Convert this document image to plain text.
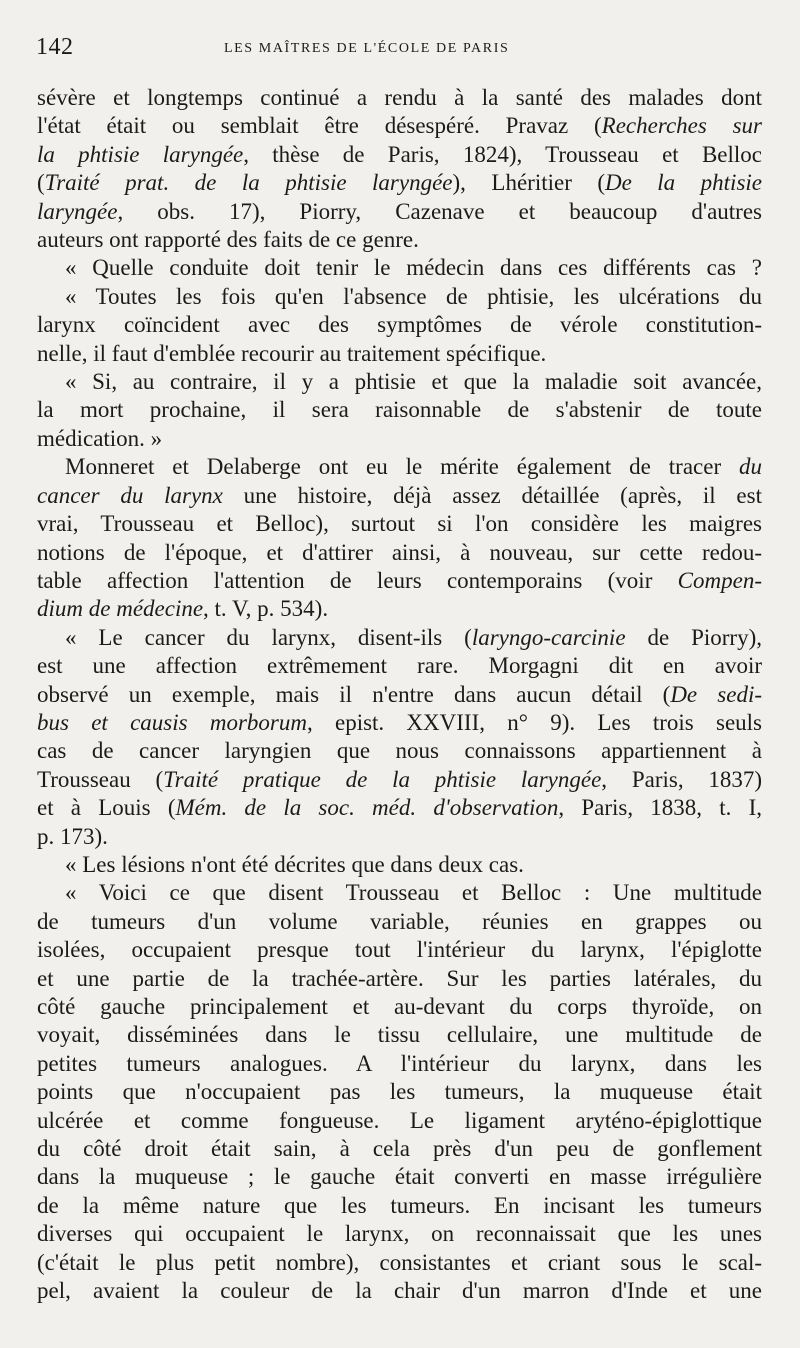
142	LES MAÎTRES DE L'ÉCOLE DE PARIS
sévère et longtemps continué a rendu à la santé des malades dont
l'état était ou semblait être désespéré. Pravaz (Recherches sur
la phtisie laryngée, thèse de Paris, 1824), Trousseau et Belloc
(Traité prat. de la phtisie laryngée), Lhéritier (De la phtisie
laryngée, obs. 17), Piorry, Cazenave et beaucoup d'autres
auteurs ont rapporté des faits de ce genre.
« Quelle conduite doit tenir le médecin dans ces différents cas ?
« Toutes les fois qu'en l'absence de phtisie, les ulcérations du
larynx coïncident avec des symptômes de vérole constitution-
nelle, il faut d'emblée recourir au traitement spécifique.
« Si, au contraire, il y a phtisie et que la maladie soit avancée,
la mort prochaine, il sera raisonnable de s'abstenir de toute
médication. »
Monneret et Delaberge ont eu le mérite également de tracer du
cancer du larynx une histoire, déjà assez détaillée (après, il est
vrai, Trousseau et Belloc), surtout si l'on considère les maigres
notions de l'époque, et d'attirer ainsi, à nouveau, sur cette redou-
table affection l'attention de leurs contemporains (voir Compen-
dium de médecine, t. V, p. 534).
« Le cancer du larynx, disent-ils (laryngo-carcinie de Piorry),
est une affection extrêmement rare. Morgagni dit en avoir
observé un exemple, mais il n'entre dans aucun détail (De sedi-
bus et causis morborum, epist. XXVIII, n° 9). Les trois seuls
cas de cancer laryngien que nous connaissons appartiennent à
Trousseau (Traité pratique de la phtisie laryngée, Paris, 1837)
et à Louis (Mém. de la soc. méd. d'observation, Paris, 1838, t. I,
p. 173).
« Les lésions n'ont été décrites que dans deux cas.
« Voici ce que disent Trousseau et Belloc : Une multitude
de tumeurs d'un volume variable, réunies en grappes ou
isolées, occupaient presque tout l'intérieur du larynx, l'épiglotte
et une partie de la trachée-artère. Sur les parties latérales, du
côté gauche principalement et au-devant du corps thyroïde, on
voyait, disséminées dans le tissu cellulaire, une multitude de
petites tumeurs analogues. A l'intérieur du larynx, dans les
points que n'occupaient pas les tumeurs, la muqueuse était
ulcérée et comme fongueuse. Le ligament aryténo-épiglottique
du côté droit était sain, à cela près d'un peu de gonflement
dans la muqueuse ; le gauche était converti en masse irrégulière
de la même nature que les tumeurs. En incisant les tumeurs
diverses qui occupaient le larynx, on reconnaissait que les unes
(c'était le plus petit nombre), consistantes et criant sous le scal-
pel, avaient la couleur de la chair d'un marron d'Inde et une
